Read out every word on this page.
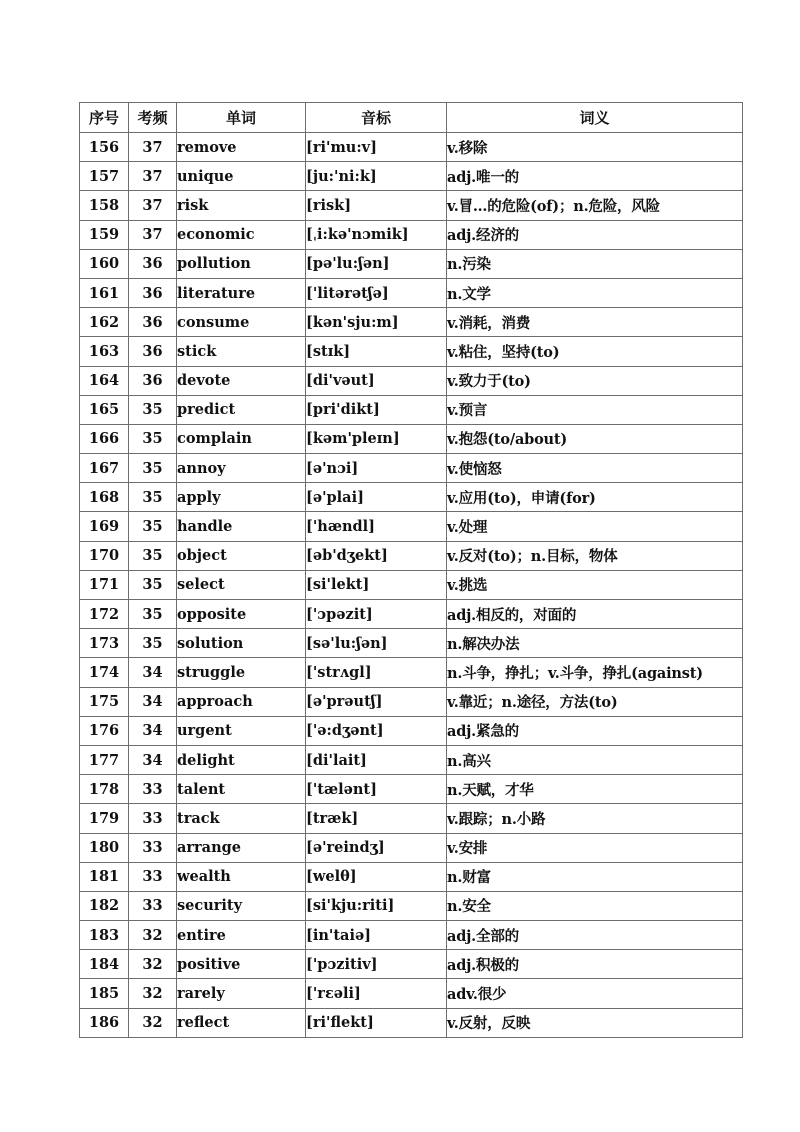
序号	考频	单词	音标	词义
156	37	remove	[ri'mu:v]	v.移除
157	37	unique	[ju:'ni:k]	adj.唯一的
158	37	risk	[risk]	v.冒…的危险(of)；n.危险，风险
159	37	economic	[ˌi:kə'nɔmik]	adj.经济的
160	36	pollution	[pə'lu:ʃən]	n.污染
161	36	literature	['litərətʃə]	n.文学
162	36	consume	[kən'sju:m]	v.消耗，消费
163	36	stick	[stɪk]	v.粘住，坚持(to)
164	36	devote	[di'vəut]	v.致力于(to)
165	35	predict	[pri'dikt]	v.预言
166	35	complain	[kəm'pleɪn]	v.抱怨(to/about)
167	35	annoy	[ə'nɔi]	v.使恼怒
168	35	apply	[ə'plai]	v.应用(to)，申请(for)
169	35	handle	['hændl]	v.处理
170	35	object	[əb'dʒekt]	v.反对(to)；n.目标，物体
171	35	select	[si'lekt]	v.挑选
172	35	opposite	['ɔpəzit]	adj.相反的，对面的
173	35	solution	[sə'lu:ʃən]	n.解决办法
174	34	struggle	['strʌgl]	n.斗争，挣扎；v.斗争，挣扎(against)
175	34	approach	[ə'prəutʃ]	v.靠近；n.途径，方法(to)
176	34	urgent	['ə:dʒənt]	adj.紧急的
177	34	delight	[di'lait]	n.高兴
178	33	talent	['tælənt]	n.天赋，才华
179	33	track	[træk]	v.跟踪；n.小路
180	33	arrange	[ə'reindʒ]	v.安排
181	33	wealth	[welθ]	n.财富
182	33	security	[si'kju:riti]	n.安全
183	32	entire	[in'taiə]	adj.全部的
184	32	positive	['pɔzitiv]	adj.积极的
185	32	rarely	['rɛəli]	adv.很少
186	32	reflect	[ri'flekt]	v.反射，反映
